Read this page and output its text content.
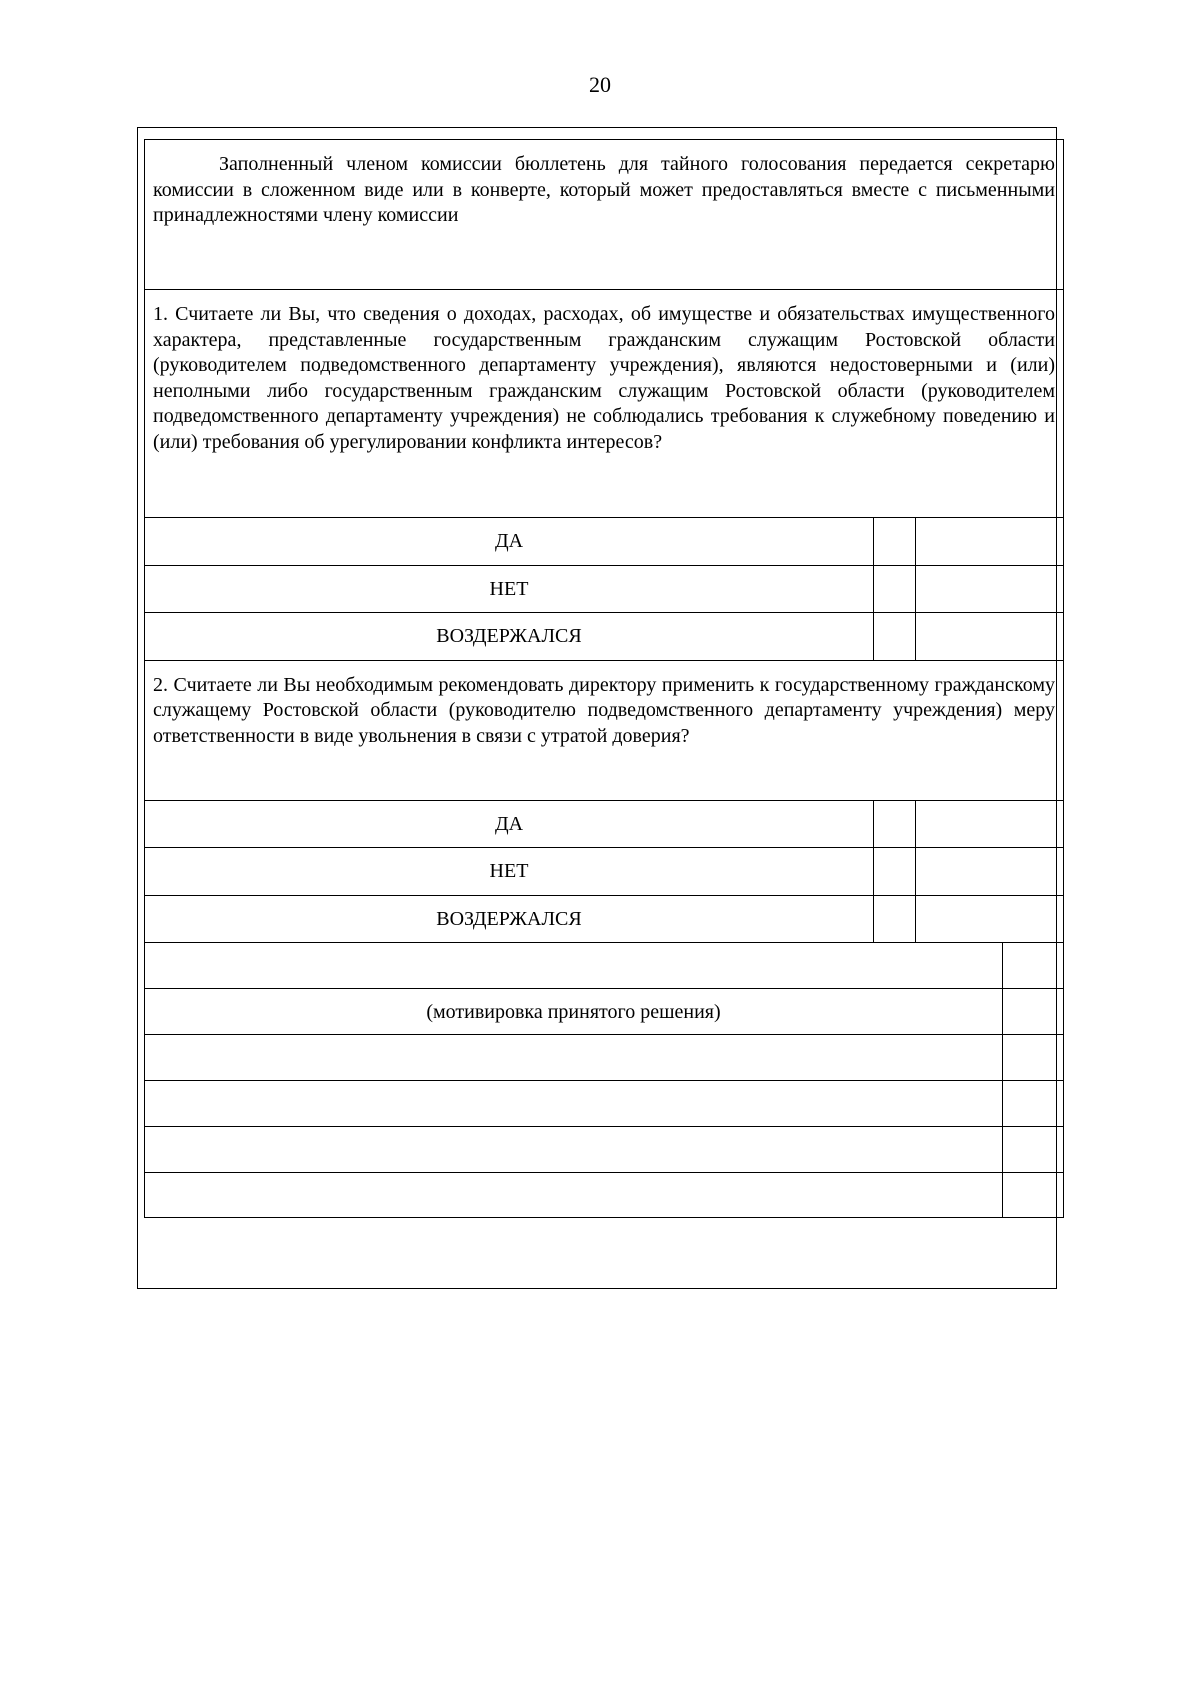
20
Заполненный членом комиссии бюллетень для тайного голосования передается секретарю комиссии в сложенном виде или в конверте, который может предоставляться вместе с письменными принадлежностями члену комиссии
1. Считаете ли Вы, что сведения о доходах, расходах, об имуществе и обязательствах имущественного характера, представленные государственным гражданским служащим Ростовской области (руководителем подведомственного департаменту учреждения), являются недостоверными и (или) неполными либо государственным гражданским служащим Ростовской области (руководителем подведомственного департаменту учреждения) не соблюдались требования к служебному поведению и (или) требования об урегулировании конфликта интересов?
ДА
НЕТ
ВОЗДЕРЖАЛСЯ
2. Считаете ли Вы необходимым рекомендовать директору применить к государственному гражданскому служащему Ростовской области (руководителю подведомственного департаменту учреждения) меру ответственности в виде увольнения в связи с утратой доверия?
ДА
НЕТ
ВОЗДЕРЖАЛСЯ
(мотивировка принятого решения)
